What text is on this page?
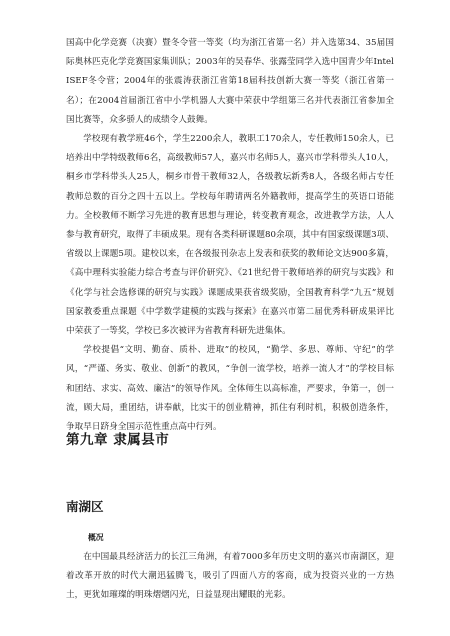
国高中化学竞赛（决赛）暨冬令营一等奖（均为浙江省第一名）并入选第34、35届国际奥林匹克化学竞赛国家集训队；2003年的吴春华、张露莹同学入选中国青少年Intel ISEF冬令营；2004年的张震涛获浙江省第18届科技创新大赛一等奖（浙江省第一名）；在2004首届浙江省中小学机器人大赛中荣获中学组第三名并代表浙江省参加全国比赛等，众多骄人的成绩令人鼓舞。

学校现有教学班46个，学生2200余人，教职工170余人，专任教师150余人，已培养出中学特级教师6名，高级教师57人，嘉兴市名师5人，嘉兴市学科带头人10人，桐乡市学科带头人25人，桐乡市骨干教师32人，各级教坛新秀8人，各级名师占专任教师总数的百分之四十五以上。学校每年聘请两名外籍教师，提高学生的英语口语能力。全校教师不断学习先进的教育思想与理论，转变教育观念，改进教学方法，人人参与教育研究，取得了丰硕成果。现有各类科研课题80余项，其中有国家级课题3项、省级以上课题5项。建校以来，在各级报刊杂志上发表和获奖的教师论文达900多篇，《高中理科实验能力综合考查与评价研究》、《21世纪骨干教师培养的研究与实践》和《化学与社会选修课的研究与实践》课题成果获省级奖励，全国教育科学“九五”规划国家教委重点课题《中学数学建模的实践与探索》在嘉兴市第二届优秀科研成果评比中荣获了一等奖，学校已多次被评为省教育科研先进集体。

学校提倡“文明、勤奋、质朴、进取”的校风，“勤学、多思、尊师、守纪”的学风，“严谨、务实、敬业、创新”的教风，“争创一流学校，培养一流人才”的学校目标和团结、求实、高效、廉洁”的领导作风。全体师生以高标准，严要求，争第一，创一流，顾大局，重团结，讲奉献，比实干的创业精神，抓住有利时机，积极创造条件，争取早日跻身全国示范性重点高中行列。

第九章 隶属县市
南湖区
概况

在中国最具经济活力的长江三角洲，有着7000多年历史文明的嘉兴市南湖区，迎着改革开放的时代大潮迅猛腾飞，吸引了四面八方的客商，成为投资兴业的一方热土，更犹如璀璨的明珠熠熠闪光，日益显现出耀眼的光彩。
